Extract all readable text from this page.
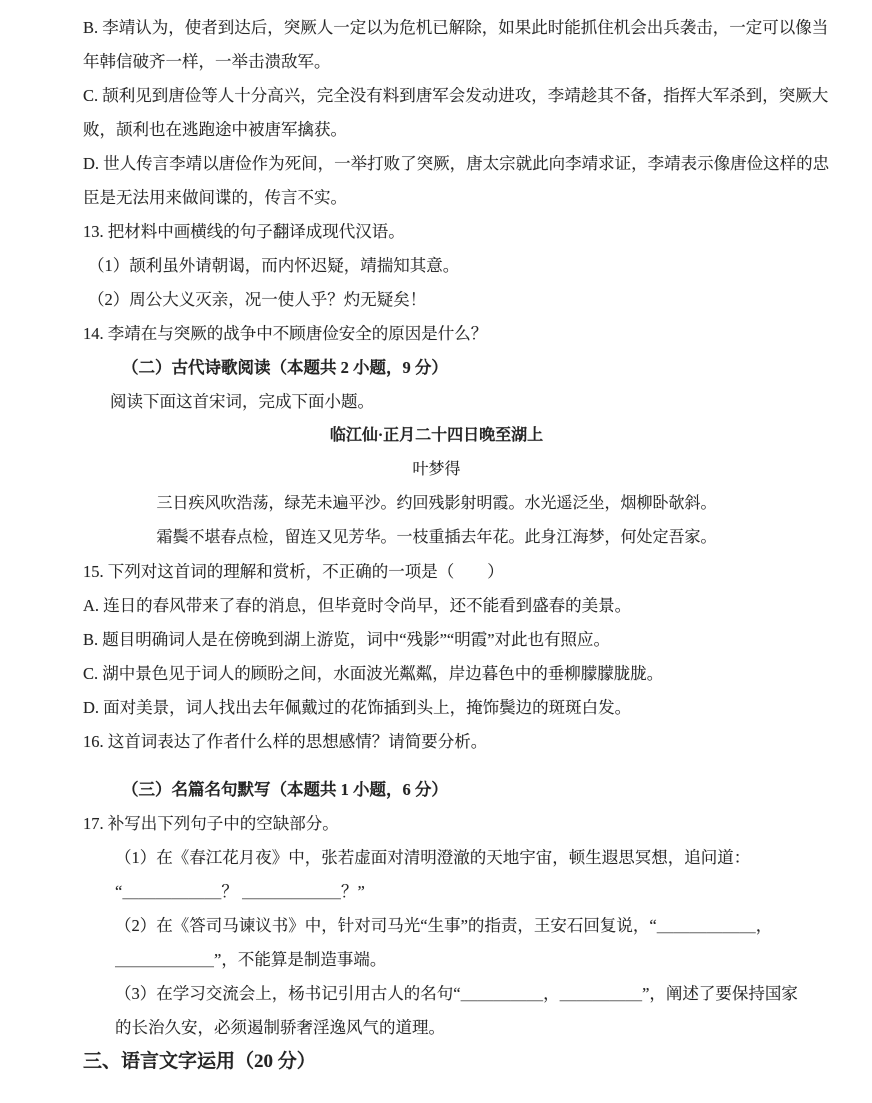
B. 李靖认为，使者到达后，突厥人一定以为危机已解除，如果此时能抓住机会出兵袭击，一定可以像当

年韩信破齐一样，一举击溃敌军。

C. 颉利见到唐俭等人十分高兴，完全没有料到唐军会发动进攻，李靖趁其不备，指挥大军杀到，突厥大

败，颉利也在逃跑途中被唐军擒获。

D. 世人传言李靖以唐俭作为死间，一举打败了突厥，唐太宗就此向李靖求证，李靖表示像唐俭这样的忠

臣是无法用来做间谍的，传言不实。

13. 把材料中画横线的句子翻译成现代汉语。

（1）颉利虽外请朝谒，而内怀迟疑，靖揣知其意。

（2）周公大义灭亲，况一使人乎？灼无疑矣！

14. 李靖在与突厥的战争中不顾唐俭安全的原因是什么？

（二）古代诗歌阅读（本题共 2 小题，9 分）

阅读下面这首宋词，完成下面小题。

临江仙·正月二十四日晚至湖上

叶梦得

三日疾风吹浩荡，绿芜未遍平沙。约回残影射明霞。水光遥泛坐，烟柳卧欹斜。

霜鬓不堪春点检，留连又见芳华。一枝重插去年花。此身江海梦，何处定吾家。

15. 下列对这首词的理解和赏析，不正确的一项是（　　）

A. 连日的春风带来了春的消息，但毕竟时令尚早，还不能看到盛春的美景。

B. 题目明确词人是在傍晚到湖上游览，词中“残影”“明霞”对此也有照应。

C. 湖中景色见于词人的顾盼之间，水面波光粼粼，岸边暮色中的垂柳朦朦胧胧。

D. 面对美景，词人找出去年佩戴过的花饰插到头上，掩饰鬓边的斑斑白发。

16. 这首词表达了作者什么样的思想感情？请简要分析。

（三）名篇名句默写（本题共 1 小题，6 分）

17. 补写出下列句子中的空缺部分。

（1）在《春江花月夜》中，张若虚面对清明澄澈的天地宇宙，顿生遐思冥想，追问道：

“＿＿＿＿＿＿？ ＿＿＿＿＿＿？”

（2）在《答司马谏议书》中，针对司马光“生事”的指责，王安石回复说，“＿＿＿＿＿＿，

＿＿＿＿＿＿”，不能算是制造事端。

（3）在学习交流会上，杨书记引用古人的名句“＿＿＿＿＿，＿＿＿＿＿”，阐述了要保持国家

的长治久安，必须遏制骄奢淫逸风气的道理。

三、语言文字运用（20 分）
